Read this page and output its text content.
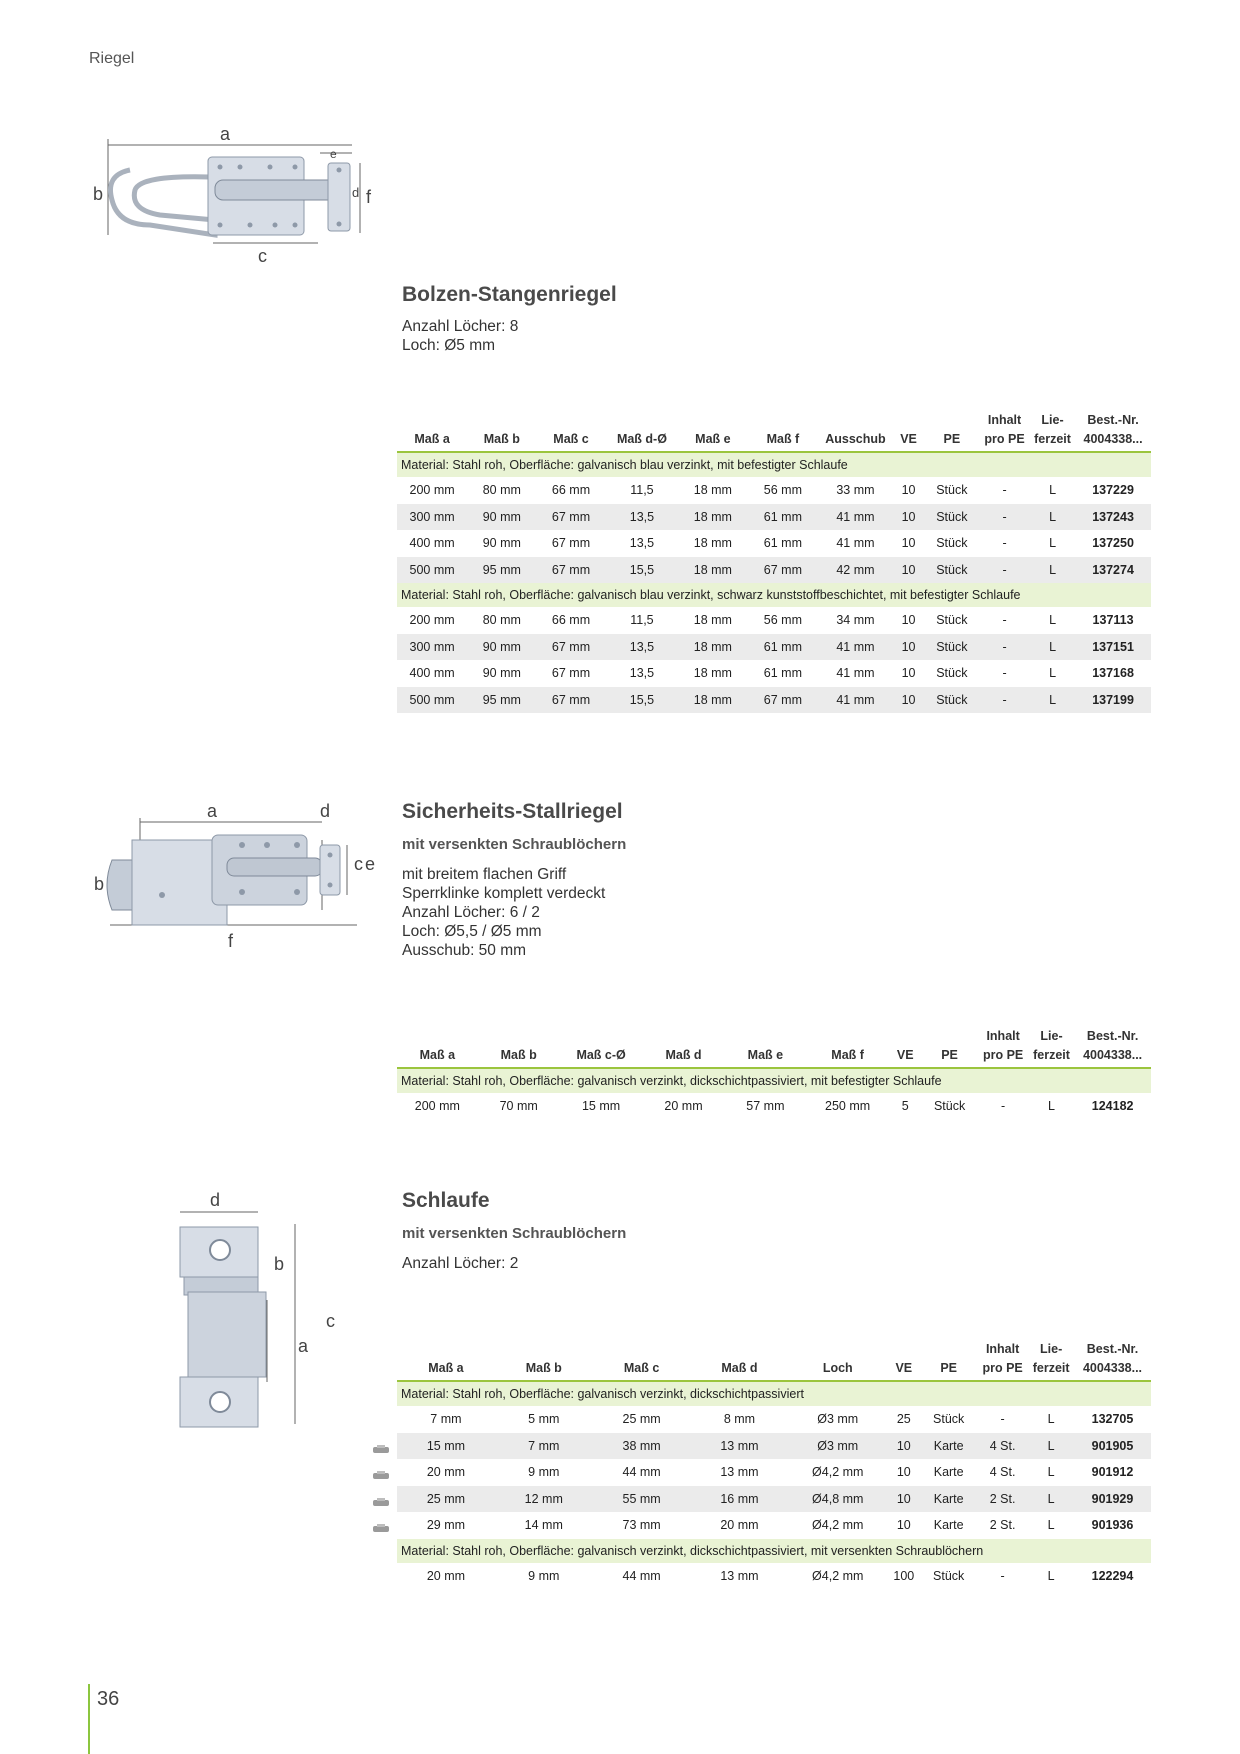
Riegel
a
b
c
d
e
f
Bolzen-Stangenriegel
Anzahl Löcher: 8
Loch: Ø5 mm
Maß a	Maß b	Maß c	Maß d-Ø	Maß e	Maß f	Ausschub	VE	PE	Inhalt
pro PE	Lie-
ferzeit	Best.-Nr.
4004338...
Material: Stahl roh, Oberfläche: galvanisch blau verzinkt, mit befestigter Schlaufe											
200 mm	80 mm	66 mm	11,5	18 mm	56 mm	33 mm	10	Stück	-	L	137229
300 mm	90 mm	67 mm	13,5	18 mm	61 mm	41 mm	10	Stück	-	L	137243
400 mm	90 mm	67 mm	13,5	18 mm	61 mm	41 mm	10	Stück	-	L	137250
500 mm	95 mm	67 mm	15,5	18 mm	67 mm	42 mm	10	Stück	-	L	137274
Material: Stahl roh, Oberfläche: galvanisch blau verzinkt, schwarz kunststoffbeschichtet, mit befestigter Schlaufe											
200 mm	80 mm	66 mm	11,5	18 mm	56 mm	34 mm	10	Stück	-	L	137113
300 mm	90 mm	67 mm	13,5	18 mm	61 mm	41 mm	10	Stück	-	L	137151
400 mm	90 mm	67 mm	13,5	18 mm	61 mm	41 mm	10	Stück	-	L	137168
500 mm	95 mm	67 mm	15,5	18 mm	67 mm	41 mm	10	Stück	-	L	137199
a
b
c
d
e
f
Sicherheits-Stallriegel
mit versenkten Schraublöchern
mit breitem flachen Griff
Sperrklinke komplett verdeckt
Anzahl Löcher: 6 / 2
Loch: Ø5,5 / Ø5 mm
Ausschub: 50 mm
Maß a	Maß b	Maß c-Ø	Maß d	Maß e	Maß f	VE	PE	Inhalt
pro PE	Lie-
ferzeit	Best.-Nr.
4004338...
Material: Stahl roh, Oberfläche: galvanisch verzinkt, dickschichtpassiviert, mit befestigter Schlaufe										
200 mm	70 mm	15 mm	20 mm	57 mm	250 mm	5	Stück	-	L	124182
a
b
c
d	Schlaufe
mit versenkten Schraublöchern
Anzahl Löcher: 2
Maß a	Maß b	Maß c	Maß d	Loch	VE	PE	Inhalt
pro PE	Lie-
ferzeit	Best.-Nr.
4004338...
Material: Stahl roh, Oberfläche: galvanisch verzinkt, dickschichtpassiviert									
7 mm	5 mm	25 mm	8 mm	Ø3 mm	25	Stück	-	L	132705
15 mm	7 mm	38 mm	13 mm	Ø3 mm	10	Karte	4 St.	L	901905
20 mm	9 mm	44 mm	13 mm	Ø4,2 mm	10	Karte	4 St.	L	901912
25 mm	12 mm	55 mm	16 mm	Ø4,8 mm	10	Karte	2 St.	L	901929
29 mm	14 mm	73 mm	20 mm	Ø4,2 mm	10	Karte	2 St.	L	901936
Material: Stahl roh, Oberfläche: galvanisch verzinkt, dickschichtpassiviert, mit versenkten Schraublöchern									
20 mm	9 mm	44 mm	13 mm	Ø4,2 mm	100	Stück	-	L	122294
36
